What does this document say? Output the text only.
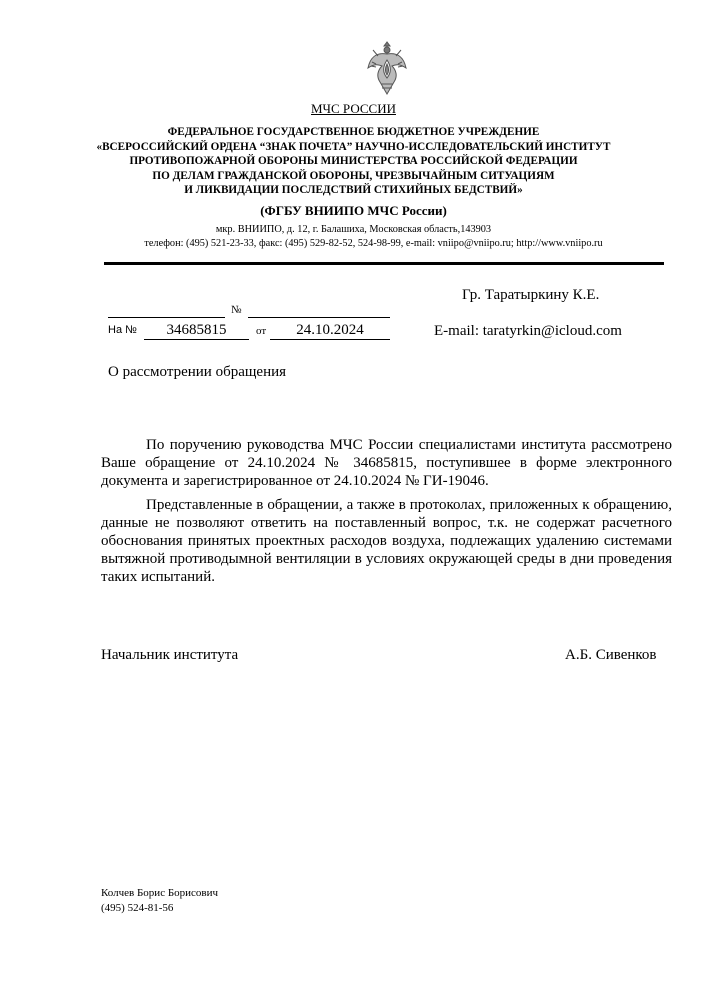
МЧС РОССИИ
ФЕДЕРАЛЬНОЕ ГОСУДАРСТВЕННОЕ БЮДЖЕТНОЕ УЧРЕЖДЕНИЕ
«ВСЕРОССИЙСКИЙ ОРДЕНА “ЗНАК ПОЧЕТА” НАУЧНО-ИССЛЕДОВАТЕЛЬСКИЙ ИНСТИТУТ
ПРОТИВОПОЖАРНОЙ ОБОРОНЫ МИНИСТЕРСТВА РОССИЙСКОЙ ФЕДЕРАЦИИ
ПО ДЕЛАМ ГРАЖДАНСКОЙ ОБОРОНЫ, ЧРЕЗВЫЧАЙНЫМ СИТУАЦИЯМ
И ЛИКВИДАЦИИ ПОСЛЕДСТВИЙ СТИХИЙНЫХ БЕДСТВИЙ»
(ФГБУ ВНИИПО МЧС России)
мкр. ВНИИПО, д. 12, г. Балашиха, Московская область,143903
телефон: (495) 521-23-33, факс: (495) 529-82-52, 524-98-99, e-mail: vniipo@vniipo.ru; http://www.vniipo.ru
№
На №	34685815	от	24.10.2024
Гр. Таратыркину К.Е.
E-mail: taratyrkin@icloud.com
О рассмотрении обращения

По поручению руководства МЧС России специалистами института рассмотрено Ваше обращение от 24.10.2024 № 34685815, поступившее в форме электронного документа и зарегистрированное от 24.10.2024 № ГИ-19046.

Представленные в обращении, а также в протоколах, приложенных к обращению, данные не позволяют ответить на поставленный вопрос, т.к. не содержат расчетного обоснования принятых проектных расходов воздуха, подлежащих удалению системами вытяжной противодымной вентиляции в условиях окружающей среды в дни проведения таких испытаний.

Начальник института	А.Б. Сивенков
Колчев Борис Борисович
(495) 524-81-56
